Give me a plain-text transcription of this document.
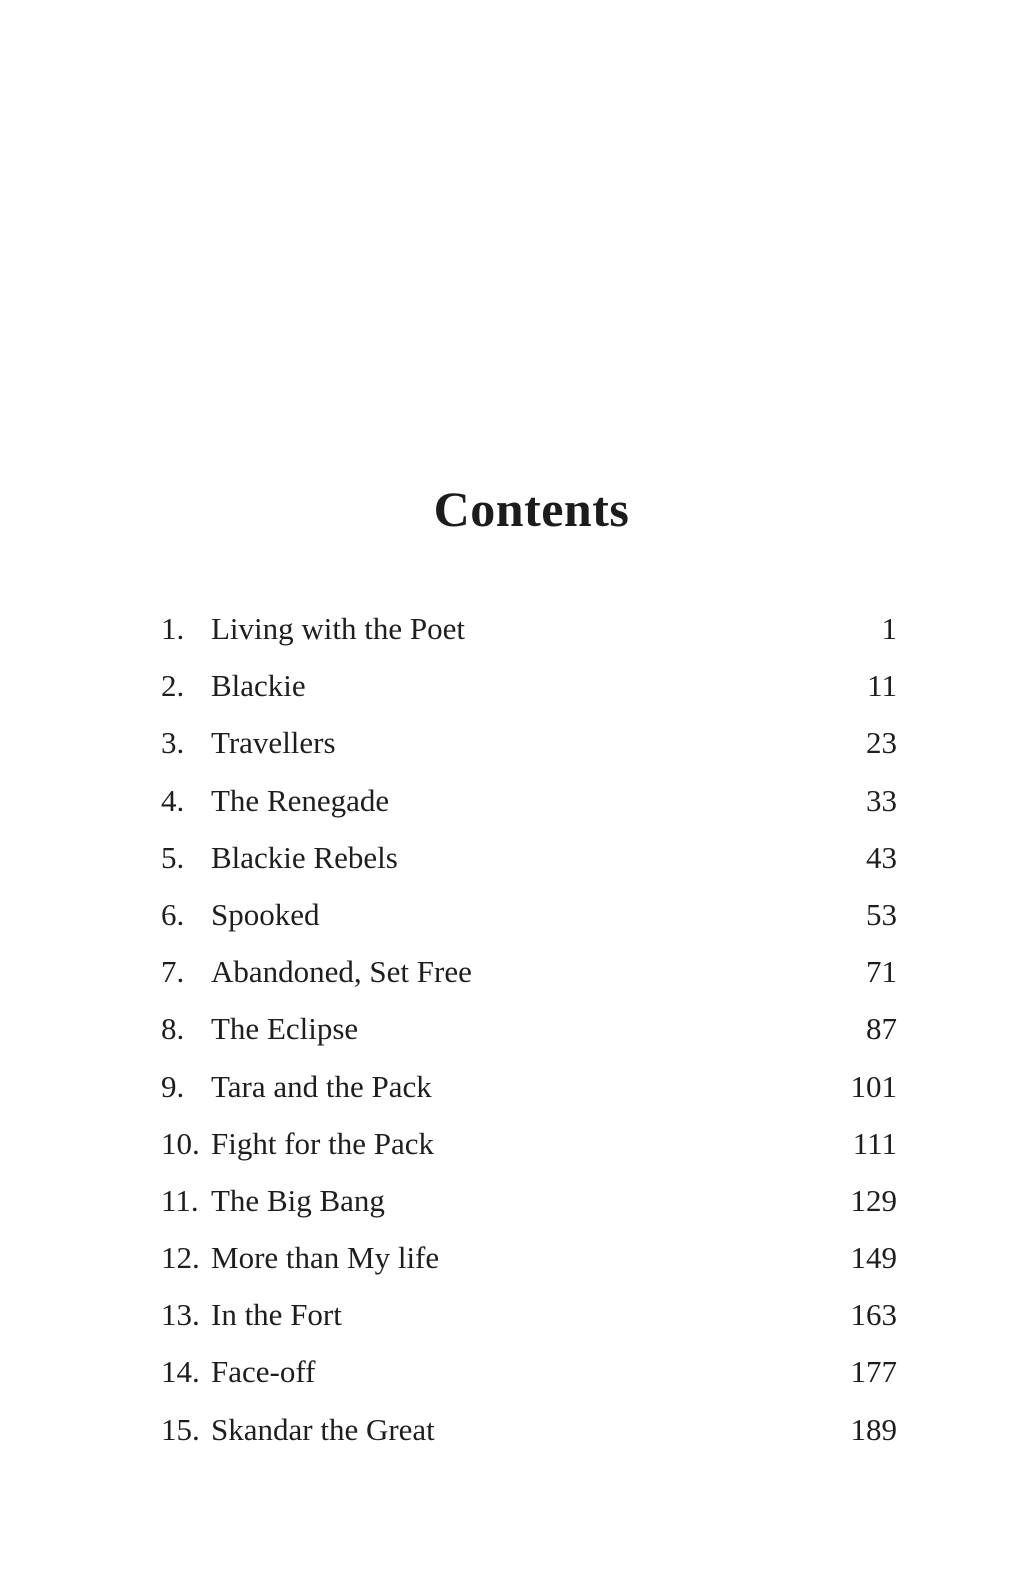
Contents
1. Living with the Poet	1
2. Blackie	11
3. Travellers	23
4. The Renegade	33
5. Blackie Rebels	43
6. Spooked	53
7. Abandoned, Set Free	71
8. The Eclipse	87
9. Tara and the Pack	101
10. Fight for the Pack	111
11. The Big Bang	129
12. More than My life	149
13. In the Fort	163
14. Face-off	177
15. Skandar the Great	189
